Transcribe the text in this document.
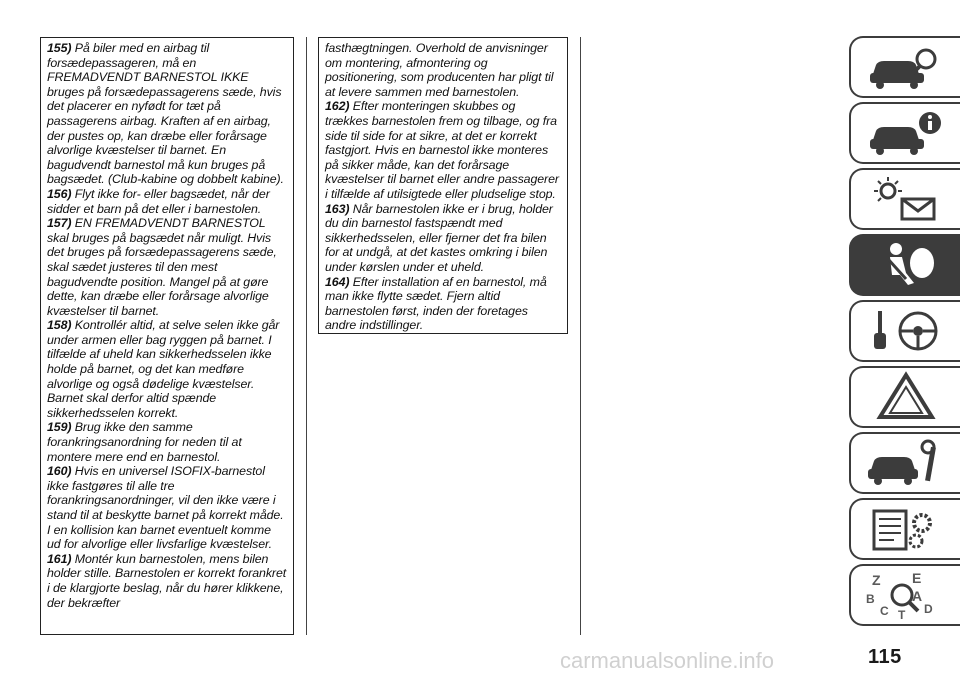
155) På biler med en airbag til forsædepassageren, må en FREMADVENDT BARNESTOL IKKE bruges på forsædepassagerens sæde, hvis det placerer en nyfødt for tæt på passagerens airbag. Kraften af en airbag, der pustes op, kan dræbe eller forårsage alvorlige kvæstelser til barnet. En bagudvendt barnestol må kun bruges på bagsædet. (Club-kabine og dobbelt kabine).

156) Flyt ikke for- eller bagsædet, når der sidder et barn på det eller i barnestolen.

157) EN FREMADVENDT BARNESTOL skal bruges på bagsædet når muligt. Hvis det bruges på forsædepassagerens sæde, skal sædet justeres til den mest bagudvendte position. Mangel på at gøre dette, kan dræbe eller forårsage alvorlige kvæstelser til barnet.

158) Kontrollér altid, at selve selen ikke går under armen eller bag ryggen på barnet. I tilfælde af uheld kan sikkerhedsselen ikke holde på barnet, og det kan medføre alvorlige og også dødelige kvæstelser. Barnet skal derfor altid spænde sikkerhedsselen korrekt.

159) Brug ikke den samme forankringsanordning for neden til at montere mere end en barnestol.

160) Hvis en universel ISOFIX-barnestol ikke fastgøres til alle tre forankringsanordninger, vil den ikke være i stand til at beskytte barnet på korrekt måde. I en kollision kan barnet eventuelt komme ud for alvorlige eller livsfarlige kvæstelser.

161) Montér kun barnestolen, mens bilen holder stille. Barnestolen er korrekt forankret i de klargjorte beslag, når du hører klikkene, der bekræfter

fasthægtningen. Overhold de anvisninger om montering, afmontering og positionering, som producenten har pligt til at levere sammen med barnestolen.

162) Efter monteringen skubbes og trækkes barnestolen frem og tilbage, og fra side til side for at sikre, at det er korrekt fastgjort. Hvis en barnestol ikke monteres på sikker måde, kan det forårsage kvæstelser til barnet eller andre passagerer i tilfælde af utilsigtede eller pludselige stop.

163) Når barnestolen ikke er i brug, holder du din barnestol fastspændt med sikkerhedsselen, eller fjerner det fra bilen for at undgå, at det kastes omkring i bilen under kørslen under et uheld.

164) Efter installation af en barnestol, må man ikke flytte sædet. Fjern altid barnestolen først, inden der foretages andre indstillinger.

Z E
B	A
C	D
T
carmanualsonline.info	115
